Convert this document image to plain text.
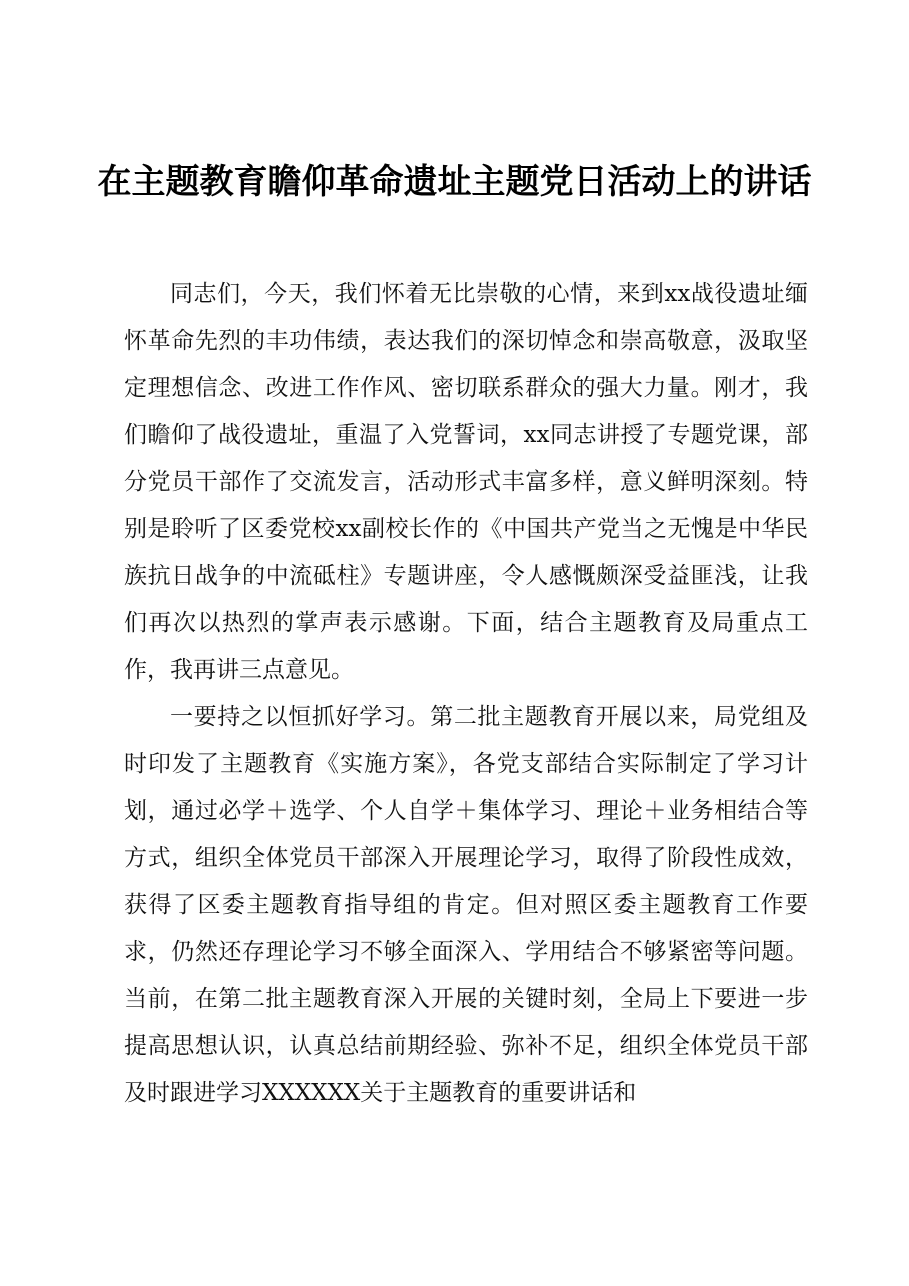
在主题教育瞻仰革命遗址主题党日活动上的讲话

同志们，今天，我们怀着无比崇敬的心情，来到xx战役遗址缅怀革命先烈的丰功伟绩，表达我们的深切悼念和崇高敬意，汲取坚定理想信念、改进工作作风、密切联系群众的强大力量。刚才，我们瞻仰了战役遗址，重温了入党誓词，xx同志讲授了专题党课，部分党员干部作了交流发言，活动形式丰富多样，意义鲜明深刻。特别是聆听了区委党校xx副校长作的《中国共产党当之无愧是中华民族抗日战争的中流砥柱》专题讲座，令人感慨颇深受益匪浅，让我们再次以热烈的掌声表示感谢。下面，结合主题教育及局重点工作，我再讲三点意见。

一要持之以恒抓好学习。第二批主题教育开展以来，局党组及时印发了主题教育《实施方案》，各党支部结合实际制定了学习计划，通过必学＋选学、个人自学＋集体学习、理论＋业务相结合等方式，组织全体党员干部深入开展理论学习，取得了阶段性成效，获得了区委主题教育指导组的肯定。但对照区委主题教育工作要求，仍然还存理论学习不够全面深入、学用结合不够紧密等问题。当前，在第二批主题教育深入开展的关键时刻，全局上下要进一步提高思想认识，认真总结前期经验、弥补不足，组织全体党员干部及时跟进学习XXXXXX关于主题教育的重要讲话和
